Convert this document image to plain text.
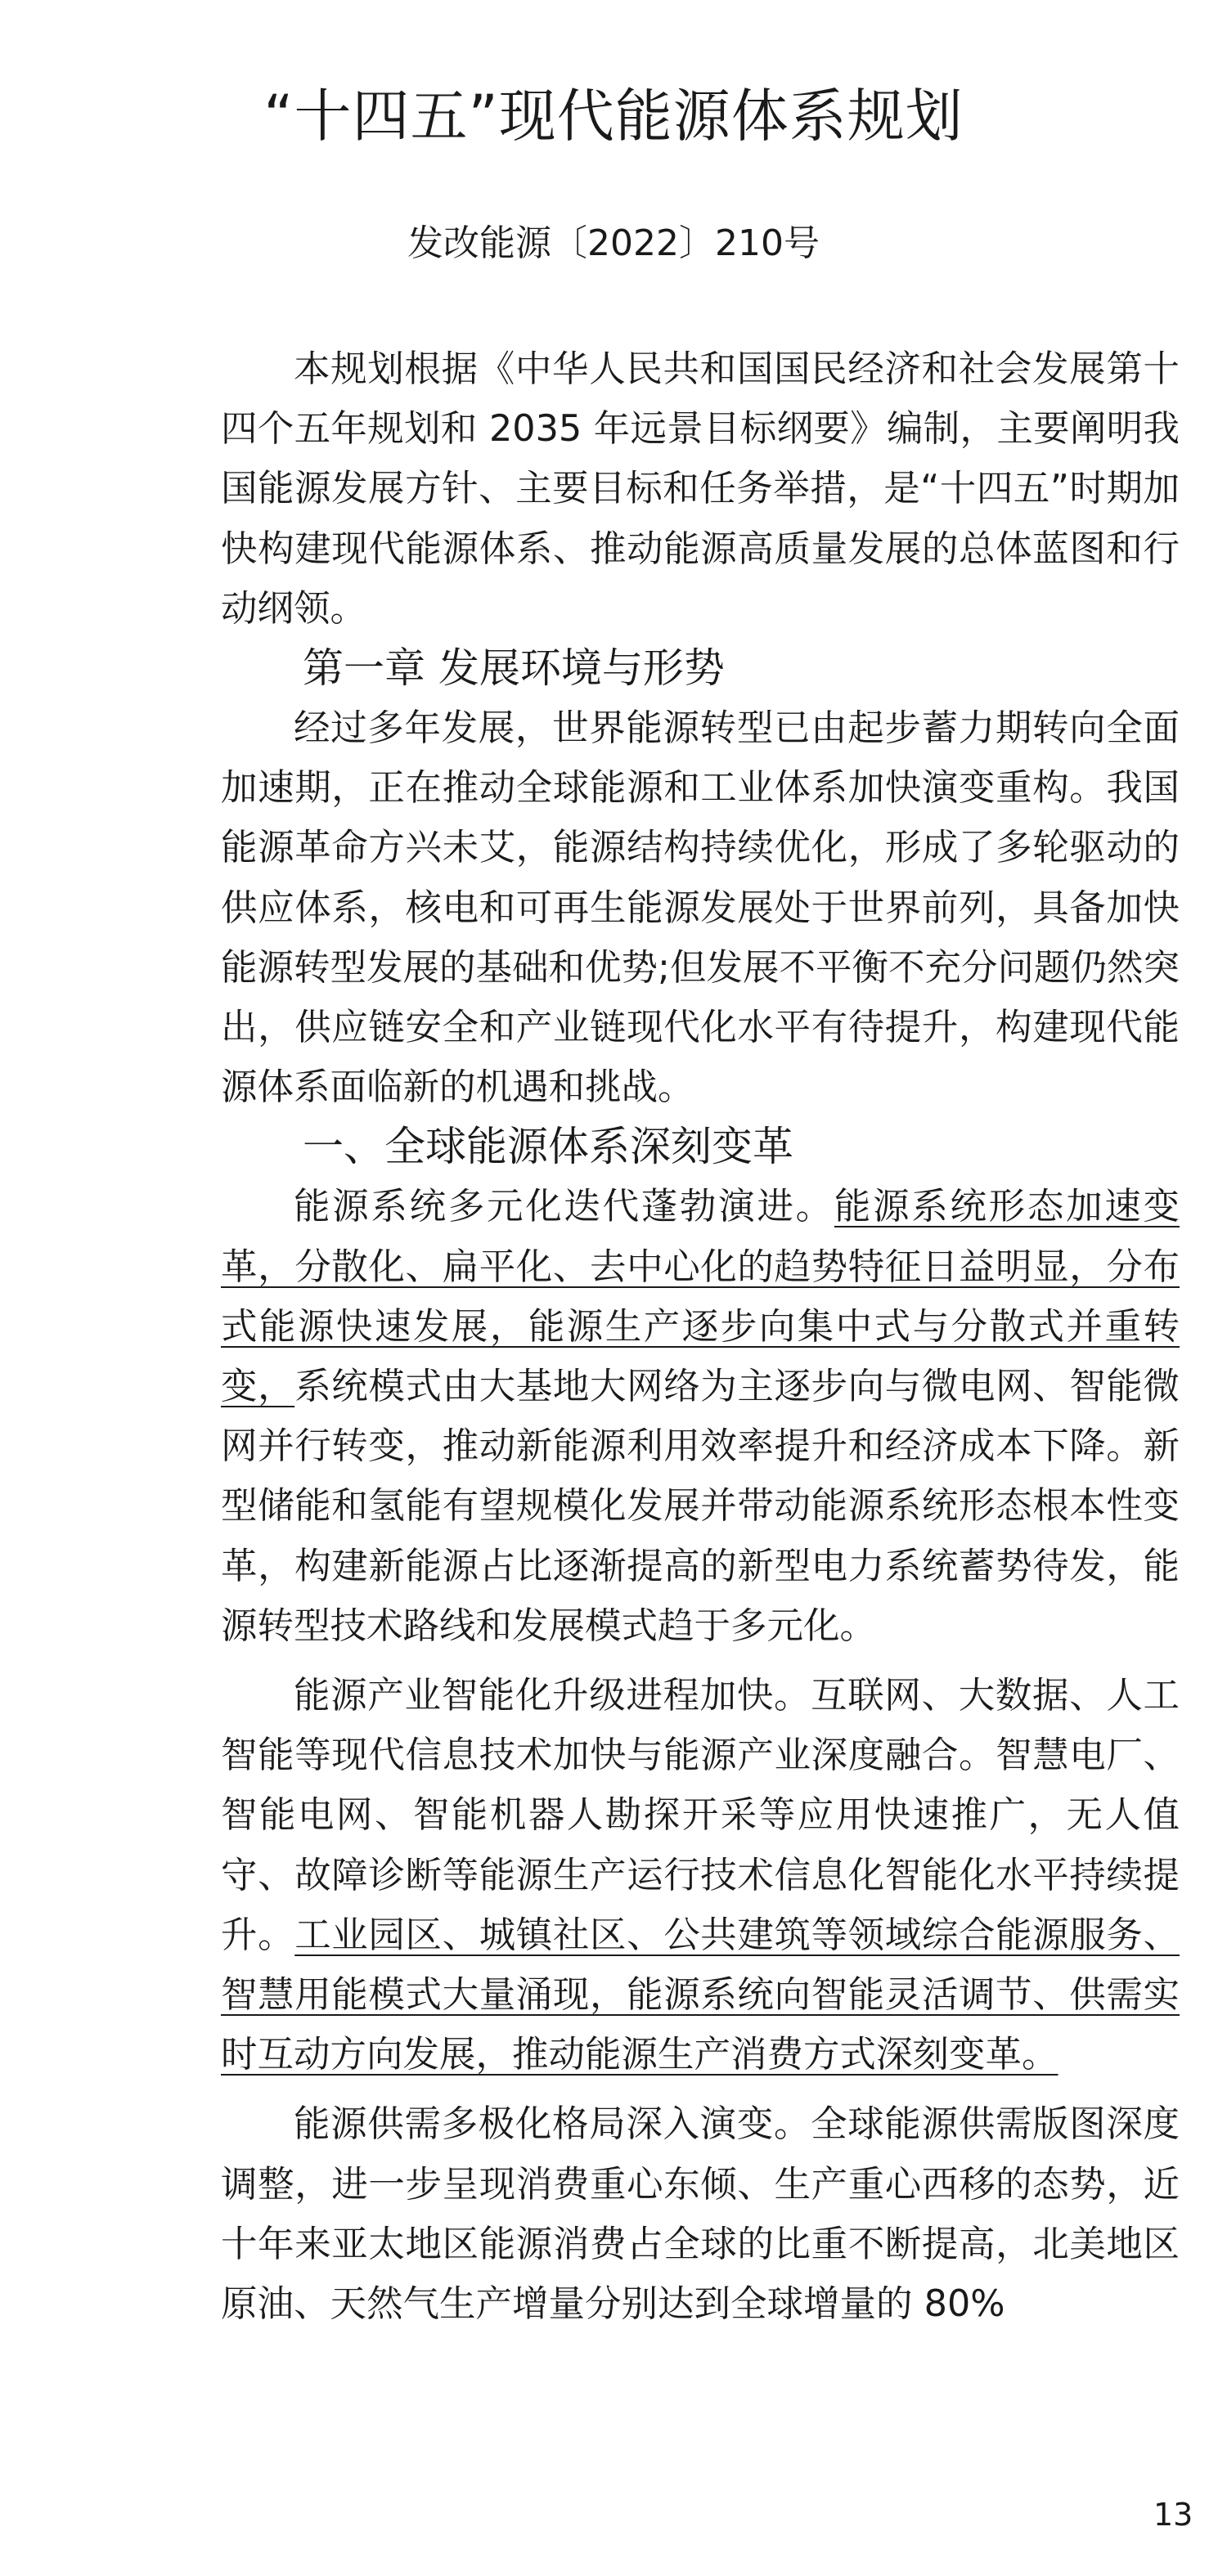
“十四五”现代能源体系规划
发改能源〔2022〕210号

本规划根据《中华人民共和国国民经济和社会发展第十四个五年规划和 2035 年远景目标纲要》编制，主要阐明我国能源发展方针、主要目标和任务举措，是“十四五”时期加快构建现代能源体系、推动能源高质量发展的总体蓝图和行动纲领。

第一章 发展环境与形势

经过多年发展，世界能源转型已由起步蓄力期转向全面加速期，正在推动全球能源和工业体系加快演变重构。我国能源革命方兴未艾，能源结构持续优化，形成了多轮驱动的供应体系，核电和可再生能源发展处于世界前列，具备加快能源转型发展的基础和优势;但发展不平衡不充分问题仍然突出，供应链安全和产业链现代化水平有待提升，构建现代能源体系面临新的机遇和挑战。

一、全球能源体系深刻变革

能源系统多元化迭代蓬勃演进。能源系统形态加速变革，分散化、扁平化、去中心化的趋势特征日益明显，分布式能源快速发展，能源生产逐步向集中式与分散式并重转变，系统模式由大基地大网络为主逐步向与微电网、智能微网并行转变，推动新能源利用效率提升和经济成本下降。新型储能和氢能有望规模化发展并带动能源系统形态根本性变革，构建新能源占比逐渐提高的新型电力系统蓄势待发，能源转型技术路线和发展模式趋于多元化。

能源产业智能化升级进程加快。互联网、大数据、人工智能等现代信息技术加快与能源产业深度融合。智慧电厂、智能电网、智能机器人勘探开采等应用快速推广，无人值守、故障诊断等能源生产运行技术信息化智能化水平持续提升。工业园区、城镇社区、公共建筑等领域综合能源服务、智慧用能模式大量涌现，能源系统向智能灵活调节、供需实时互动方向发展，推动能源生产消费方式深刻变革。

能源供需多极化格局深入演变。全球能源供需版图深度调整，进一步呈现消费重心东倾、生产重心西移的态势，近十年来亚太地区能源消费占全球的比重不断提高，北美地区原油、天然气生产增量分别达到全球增量的 80%

13
